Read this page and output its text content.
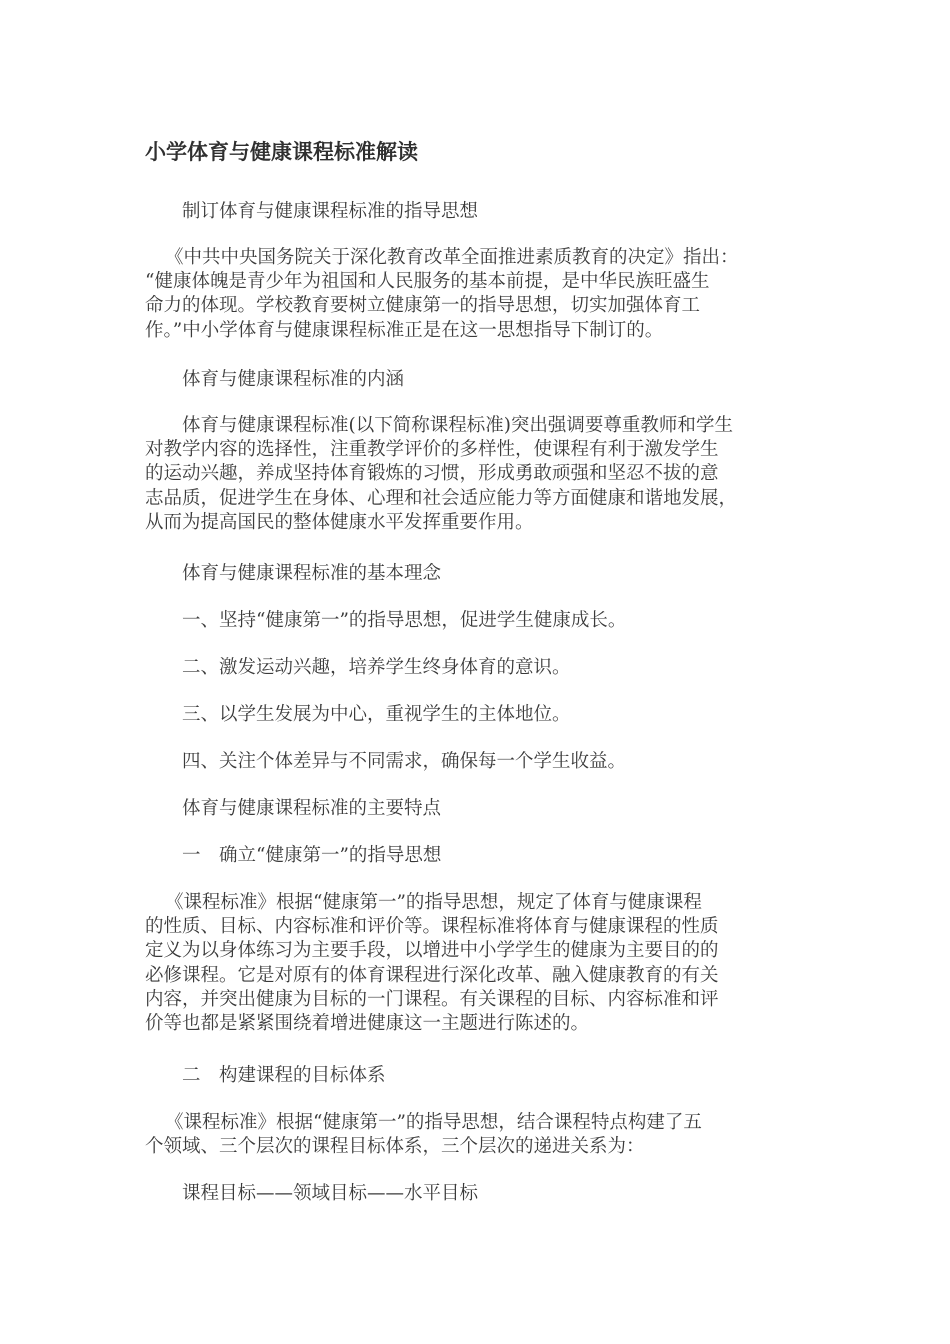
小学体育与健康课程标准解读

制订体育与健康课程标准的指导思想

《中共中央国务院关于深化教育改革全面推进素质教育的决定》指出：
“健康体魄是青少年为祖国和人民服务的基本前提，是中华民族旺盛生
命力的体现。学校教育要树立健康第一的指导思想，切实加强体育工
作。”中小学体育与健康课程标准正是在这一思想指导下制订的。

体育与健康课程标准的内涵

体育与健康课程标准(以下简称课程标准)突出强调要尊重教师和学生
对教学内容的选择性，注重教学评价的多样性，使课程有利于激发学生
的运动兴趣，养成坚持体育锻炼的习惯，形成勇敢顽强和坚忍不拔的意
志品质，促进学生在身体、心理和社会适应能力等方面健康和谐地发展，
从而为提高国民的整体健康水平发挥重要作用。

体育与健康课程标准的基本理念

一、坚持“健康第一”的指导思想，促进学生健康成长。

二、激发运动兴趣，培养学生终身体育的意识。

三、以学生发展为中心，重视学生的主体地位。

四、关注个体差异与不同需求，确保每一个学生收益。

体育与健康课程标准的主要特点

一　确立“健康第一”的指导思想

《课程标准》根据“健康第一”的指导思想，规定了体育与健康课程
的性质、目标、内容标准和评价等。课程标准将体育与健康课程的性质
定义为以身体练习为主要手段，以增进中小学学生的健康为主要目的的
必修课程。它是对原有的体育课程进行深化改革、融入健康教育的有关
内容，并突出健康为目标的一门课程。有关课程的目标、内容标准和评
价等也都是紧紧围绕着增进健康这一主题进行陈述的。

二　构建课程的目标体系

《课程标准》根据“健康第一”的指导思想，结合课程特点构建了五
个领域、三个层次的课程目标体系，三个层次的递进关系为：

课程目标——领域目标——水平目标
